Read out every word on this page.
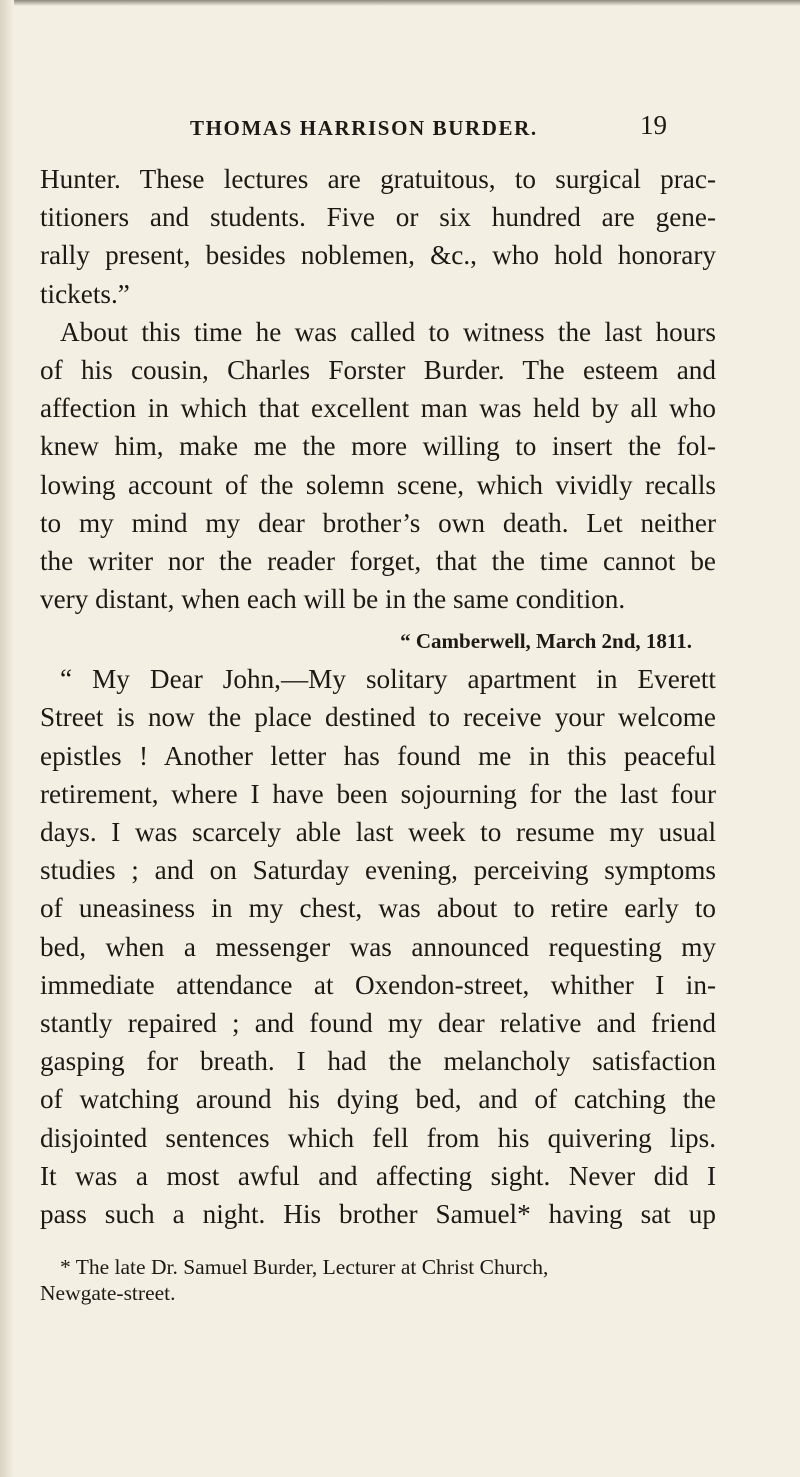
THOMAS HARRISON BURDER.	19
Hunter. These lectures are gratuitous, to surgical prac-
titioners and students. Five or six hundred are gene-
rally present, besides noblemen, &c., who hold honorary
tickets.”
About this time he was called to witness the last hours
of his cousin, Charles Forster Burder. The esteem and
affection in which that excellent man was held by all who
knew him, make me the more willing to insert the fol-
lowing account of the solemn scene, which vividly recalls
to my mind my dear brother’s own death. Let neither
the writer nor the reader forget, that the time cannot be
very distant, when each will be in the same condition.
“ Camberwell, March 2nd, 1811.
“ My Dear John,—My solitary apartment in Everett
Street is now the place destined to receive your welcome
epistles ! Another letter has found me in this peaceful
retirement, where I have been sojourning for the last four
days. I was scarcely able last week to resume my usual
studies ; and on Saturday evening, perceiving symptoms
of uneasiness in my chest, was about to retire early to
bed, when a messenger was announced requesting my
immediate attendance at Oxendon-street, whither I in-
stantly repaired ; and found my dear relative and friend
gasping for breath. I had the melancholy satisfaction
of watching around his dying bed, and of catching the
disjointed sentences which fell from his quivering lips.
It was a most awful and affecting sight. Never did I
pass such a night. His brother Samuel* having sat up
* The late Dr. Samuel Burder, Lecturer at Christ Church,
Newgate-street.
